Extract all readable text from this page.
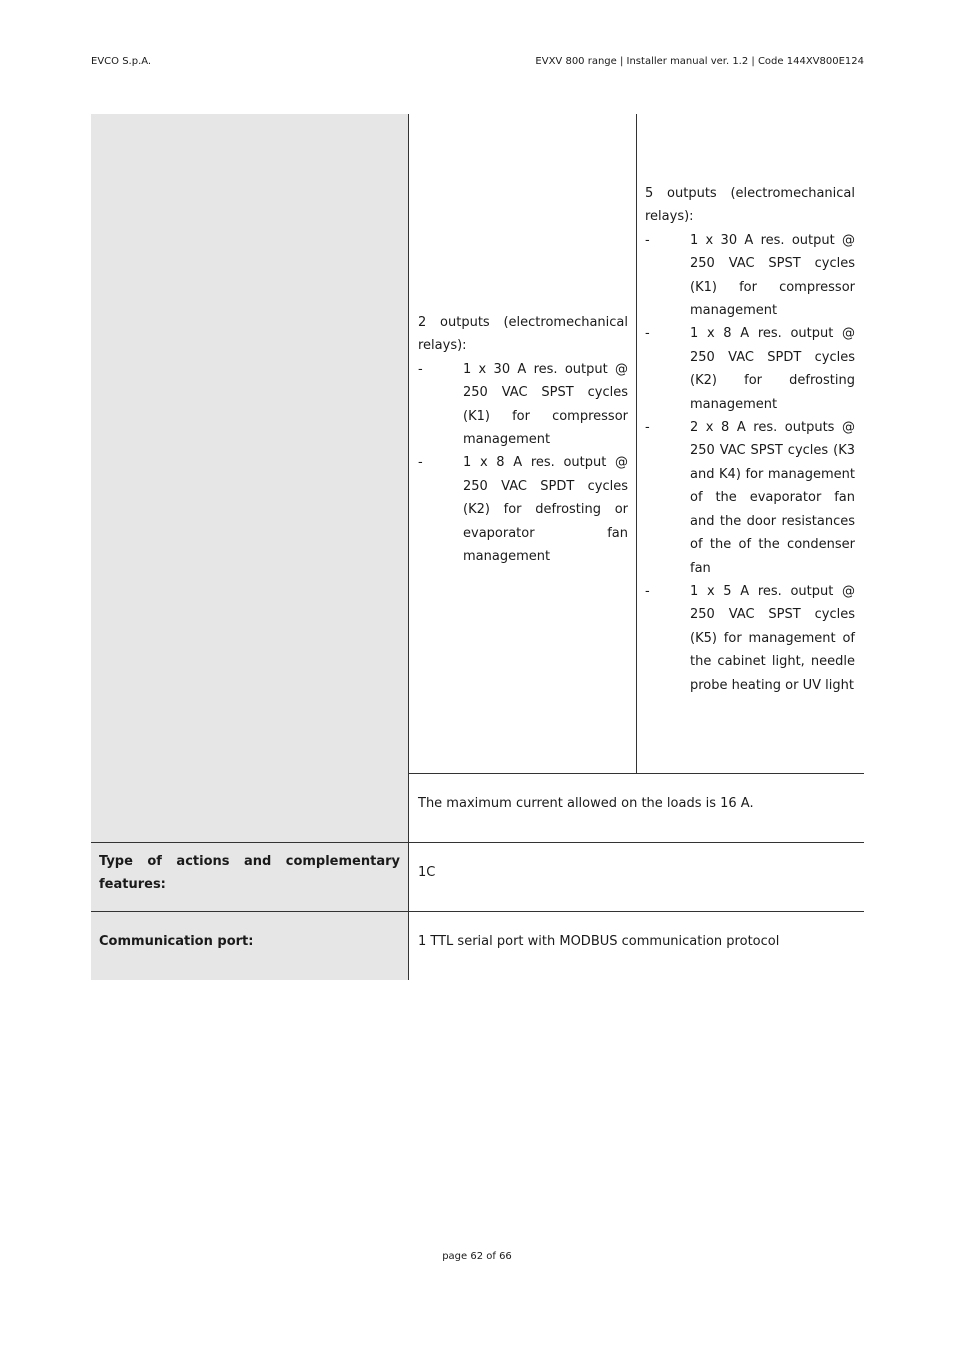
EVCO S.p.A.	EVXV 800 range | Installer manual ver. 1.2 | Code 144XV800E124
2 outputs (electromechanical
relays):
-	1 x 30 A res. output @
250 VAC SPST cycles
(K1) for compressor
management
-	1 x 8 A res. output @
250 VAC SPDT cycles
(K2) for defrosting or
evaporator fan
management
5 outputs (electromechanical
relays):
-	1 x 30 A res. output @
250 VAC SPST cycles
(K1) for compressor
management
-	1 x 8 A res. output @
250 VAC SPDT cycles
(K2) for defrosting
management
-	2 x 8 A res. outputs @
250 VAC SPST cycles (K3
and K4) for management
of the evaporator fan
and the door resistances
of the of the condenser
fan
-	1 x 5 A res. output @
250 VAC SPST cycles
(K5) for management of
the cabinet light, needle
probe heating or UV light
The maximum current allowed on the loads is 16 A.
Type of actions and complementary
features:
1C
Communication port:	1 TTL serial port with MODBUS communication protocol
page 62 of 66
